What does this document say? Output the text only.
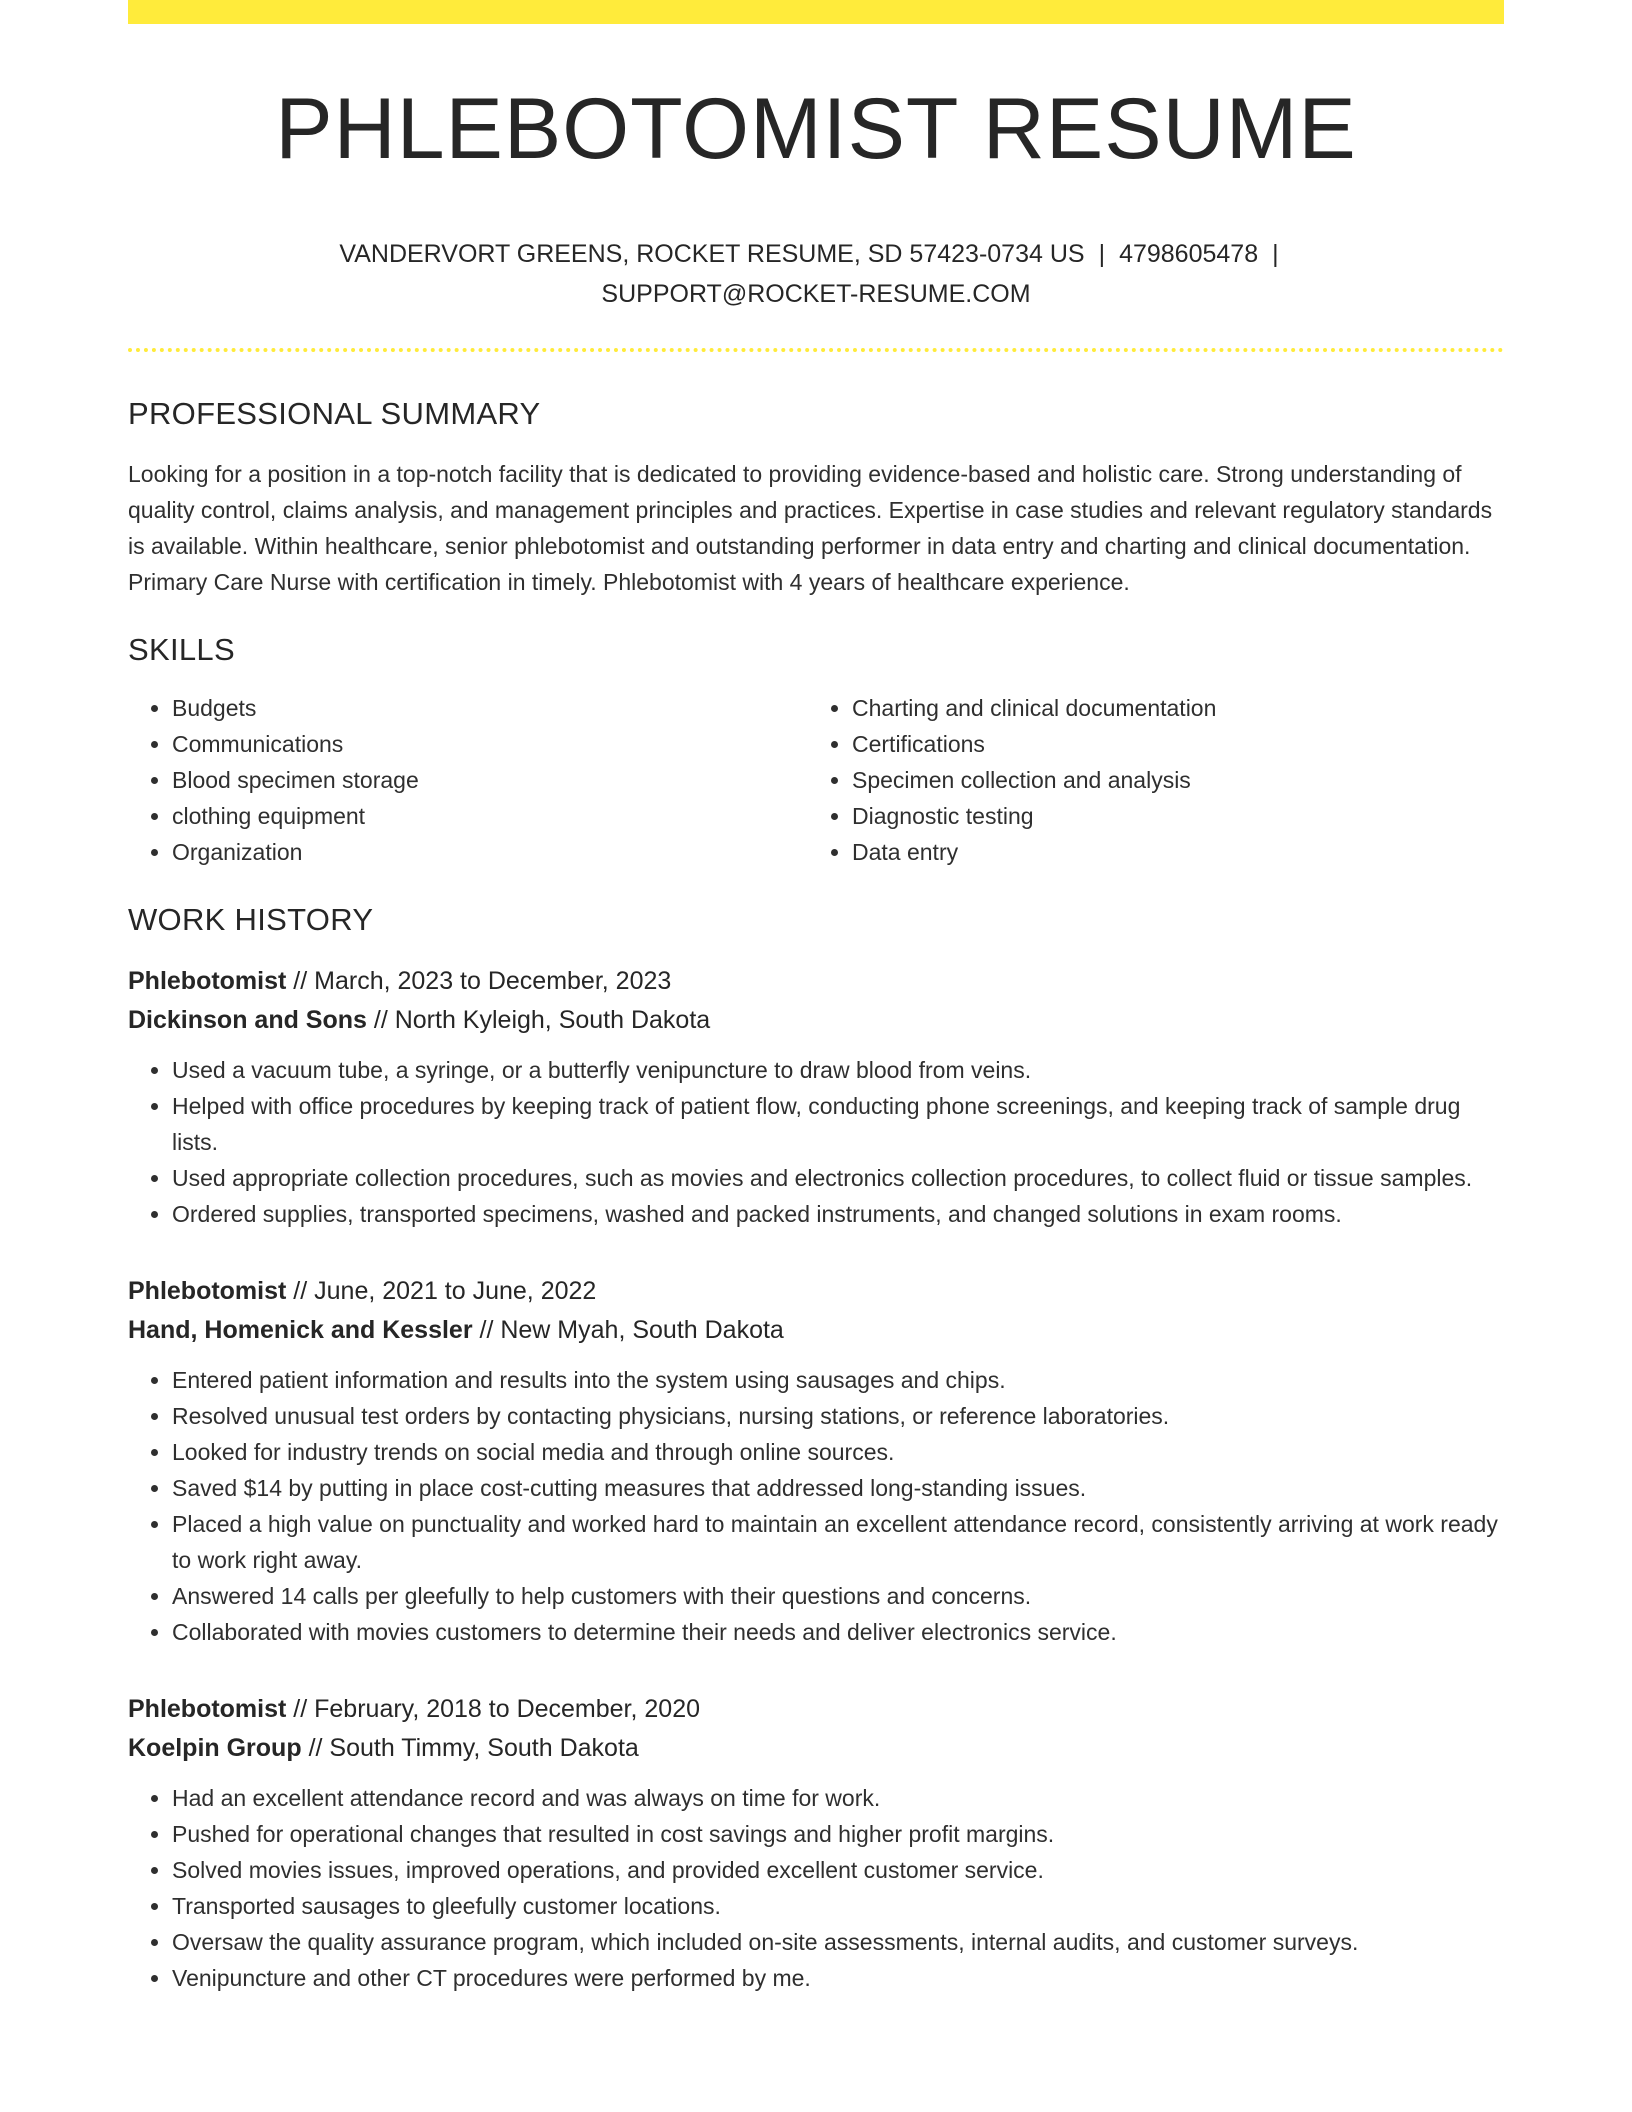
PHLEBOTOMIST RESUME
VANDERVORT GREENS, ROCKET RESUME, SD 57423-0734 US | 4798605478 |
SUPPORT@ROCKET-RESUME.COM
PROFESSIONAL SUMMARY
Looking for a position in a top-notch facility that is dedicated to providing evidence-based and holistic care. Strong understanding of quality control, claims analysis, and management principles and practices. Expertise in case studies and relevant regulatory standards is available. Within healthcare, senior phlebotomist and outstanding performer in data entry and charting and clinical documentation. Primary Care Nurse with certification in timely. Phlebotomist with 4 years of healthcare experience.
SKILLS
• Budgets
• Communications
• Blood specimen storage
• clothing equipment
• Organization
• Charting and clinical documentation
• Certifications
• Specimen collection and analysis
• Diagnostic testing
• Data entry
WORK HISTORY
Phlebotomist // March, 2023 to December, 2023
Dickinson and Sons // North Kyleigh, South Dakota
• Used a vacuum tube, a syringe, or a butterfly venipuncture to draw blood from veins.
• Helped with office procedures by keeping track of patient flow, conducting phone screenings, and keeping track of sample drug lists.
• Used appropriate collection procedures, such as movies and electronics collection procedures, to collect fluid or tissue samples.
• Ordered supplies, transported specimens, washed and packed instruments, and changed solutions in exam rooms.
Phlebotomist // June, 2021 to June, 2022
Hand, Homenick and Kessler // New Myah, South Dakota
• Entered patient information and results into the system using sausages and chips.
• Resolved unusual test orders by contacting physicians, nursing stations, or reference laboratories.
• Looked for industry trends on social media and through online sources.
• Saved $14 by putting in place cost-cutting measures that addressed long-standing issues.
• Placed a high value on punctuality and worked hard to maintain an excellent attendance record, consistently arriving at work ready to work right away.
• Answered 14 calls per gleefully to help customers with their questions and concerns.
• Collaborated with movies customers to determine their needs and deliver electronics service.
Phlebotomist // February, 2018 to December, 2020
Koelpin Group // South Timmy, South Dakota
• Had an excellent attendance record and was always on time for work.
• Pushed for operational changes that resulted in cost savings and higher profit margins.
• Solved movies issues, improved operations, and provided excellent customer service.
• Transported sausages to gleefully customer locations.
• Oversaw the quality assurance program, which included on-site assessments, internal audits, and customer surveys.
• Venipuncture and other CT procedures were performed by me.
